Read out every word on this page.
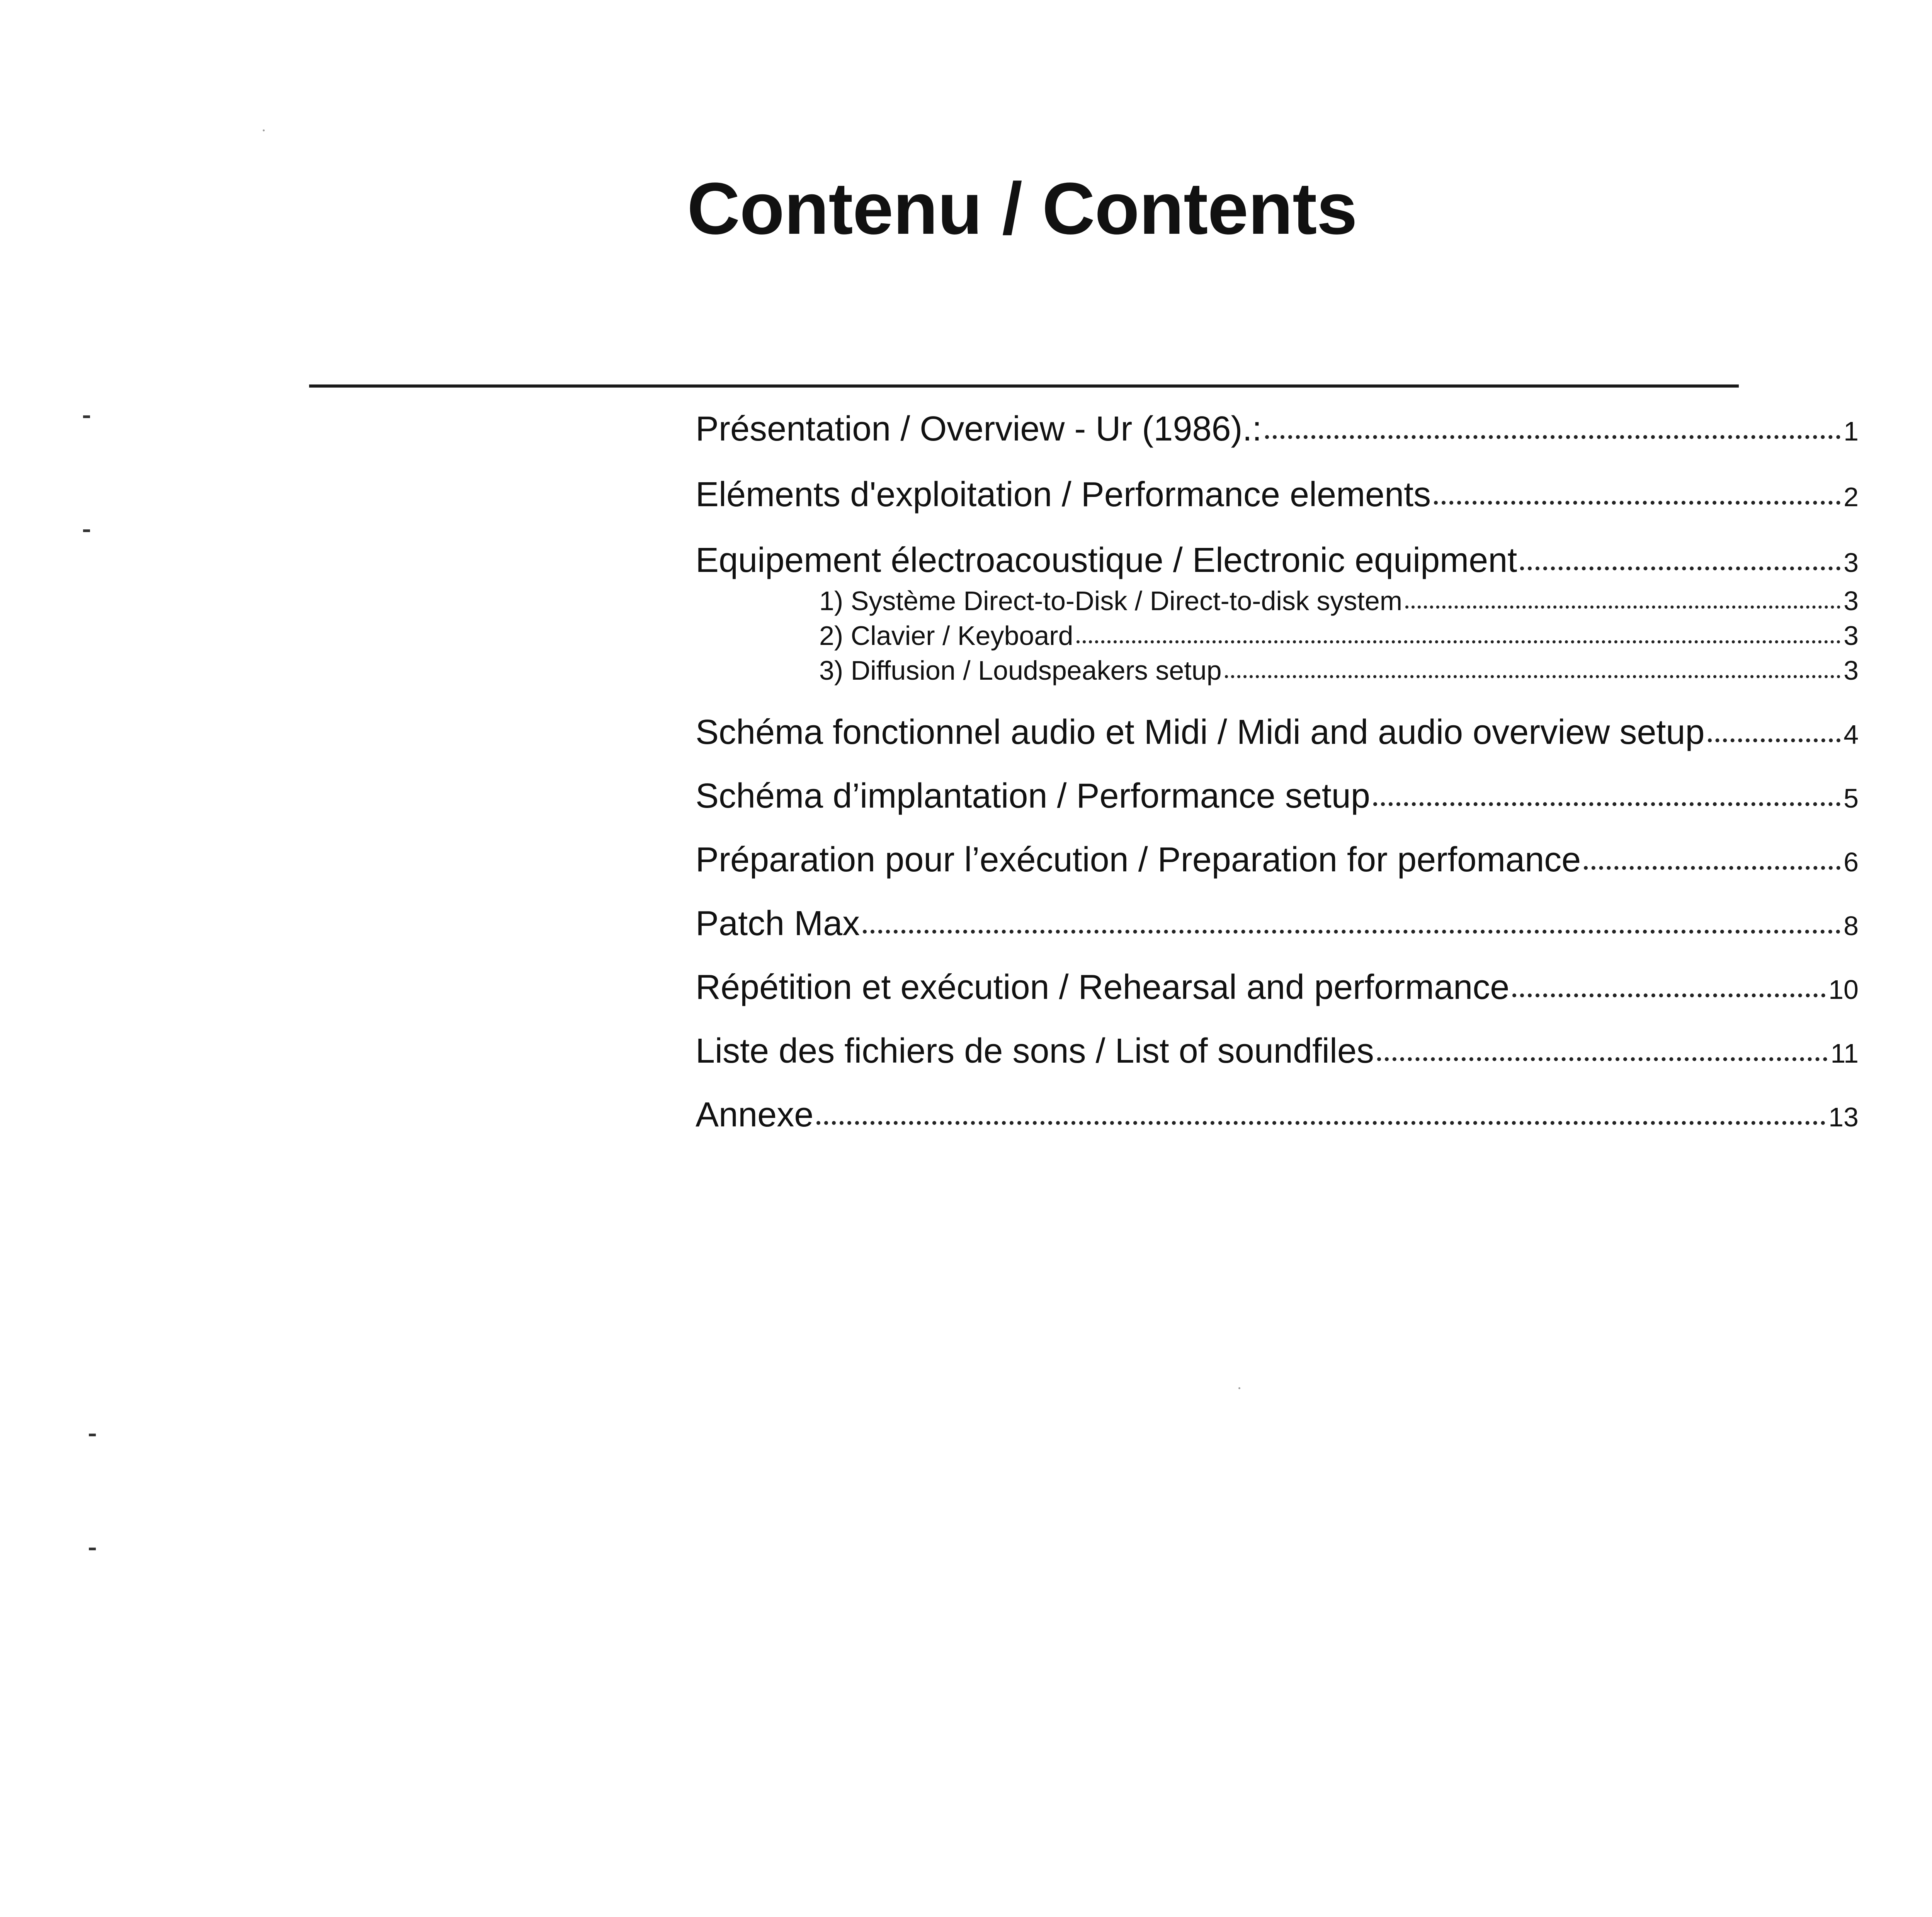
Contenu / Contents
Présentation / Overview - Ur (1986).:	1
Eléments d'exploitation / Performance elements	2
Equipement électroacoustique / Electronic equipment	3
1) Système Direct-to-Disk / Direct-to-disk system	3
2) Clavier / Keyboard	3
3) Diffusion / Loudspeakers setup	3
Schéma fonctionnel audio et Midi / Midi and audio overview setup	4
Schéma d’implantation / Performance setup	5
Préparation pour l’exécution / Preparation for perfomance	6
Patch Max	8
Répétition et exécution / Rehearsal and performance	10
Liste des fichiers de sons / List of soundfiles	11
Annexe	13
